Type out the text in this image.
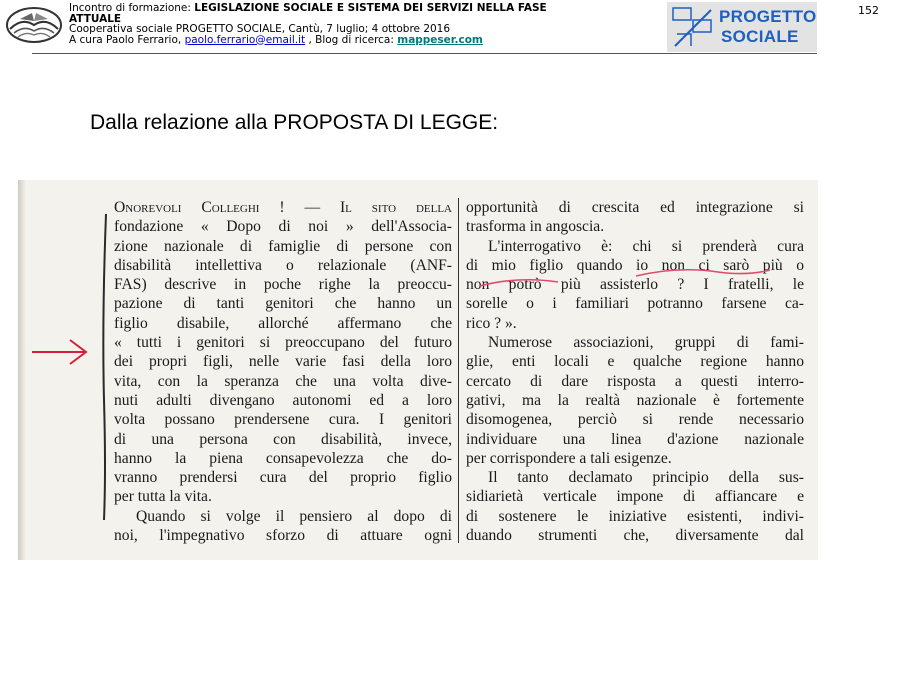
Incontro di formazione: LEGISLAZIONE SOCIALE E SISTEMA DEI SERVIZI NELLA FASE
ATTUALE
Cooperativa sociale PROGETTO SOCIALE, Cantù, 7 luglio; 4 ottobre 2016
A cura Paolo Ferrario, paolo.ferrario@email.it , Blog di ricerca: mappeser.com
PROGETTO
SOCIALE
152
Dalla relazione alla PROPOSTA DI LEGGE:
Onorevoli Colleghi ! — Il sito della
fondazione « Dopo di noi » dell'Associa-
zione nazionale di famiglie di persone con
disabilità intellettiva o relazionale (ANF-
FAS) descrive in poche righe la preoccu-
pazione di tanti genitori che hanno un
figlio disabile, allorché affermano che
« tutti i genitori si preoccupano del futuro
dei propri figli, nelle varie fasi della loro
vita, con la speranza che una volta dive-
nuti adulti divengano autonomi ed a loro
volta possano prendersene cura. I genitori
di una persona con disabilità, invece,
hanno la piena consapevolezza che do-
vranno prendersi cura del proprio figlio
per tutta la vita.
Quando si volge il pensiero al dopo di
noi, l'impegnativo sforzo di attuare ogni
opportunità di crescita ed integrazione si
trasforma in angoscia.
L'interrogativo è: chi si prenderà cura
di mio figlio quando io non ci sarò più o
non potrò più assisterlo ? I fratelli, le
sorelle o i familiari potranno farsene ca-
rico ? ».
Numerose associazioni, gruppi di fami-
glie, enti locali e qualche regione hanno
cercato di dare risposta a questi interro-
gativi, ma la realtà nazionale è fortemente
disomogenea, perciò si rende necessario
individuare una linea d'azione nazionale
per corrispondere a tali esigenze.
Il tanto declamato principio della sus-
sidiarietà verticale impone di affiancare e
di sostenere le iniziative esistenti, indivi-
duando strumenti che, diversamente dal
